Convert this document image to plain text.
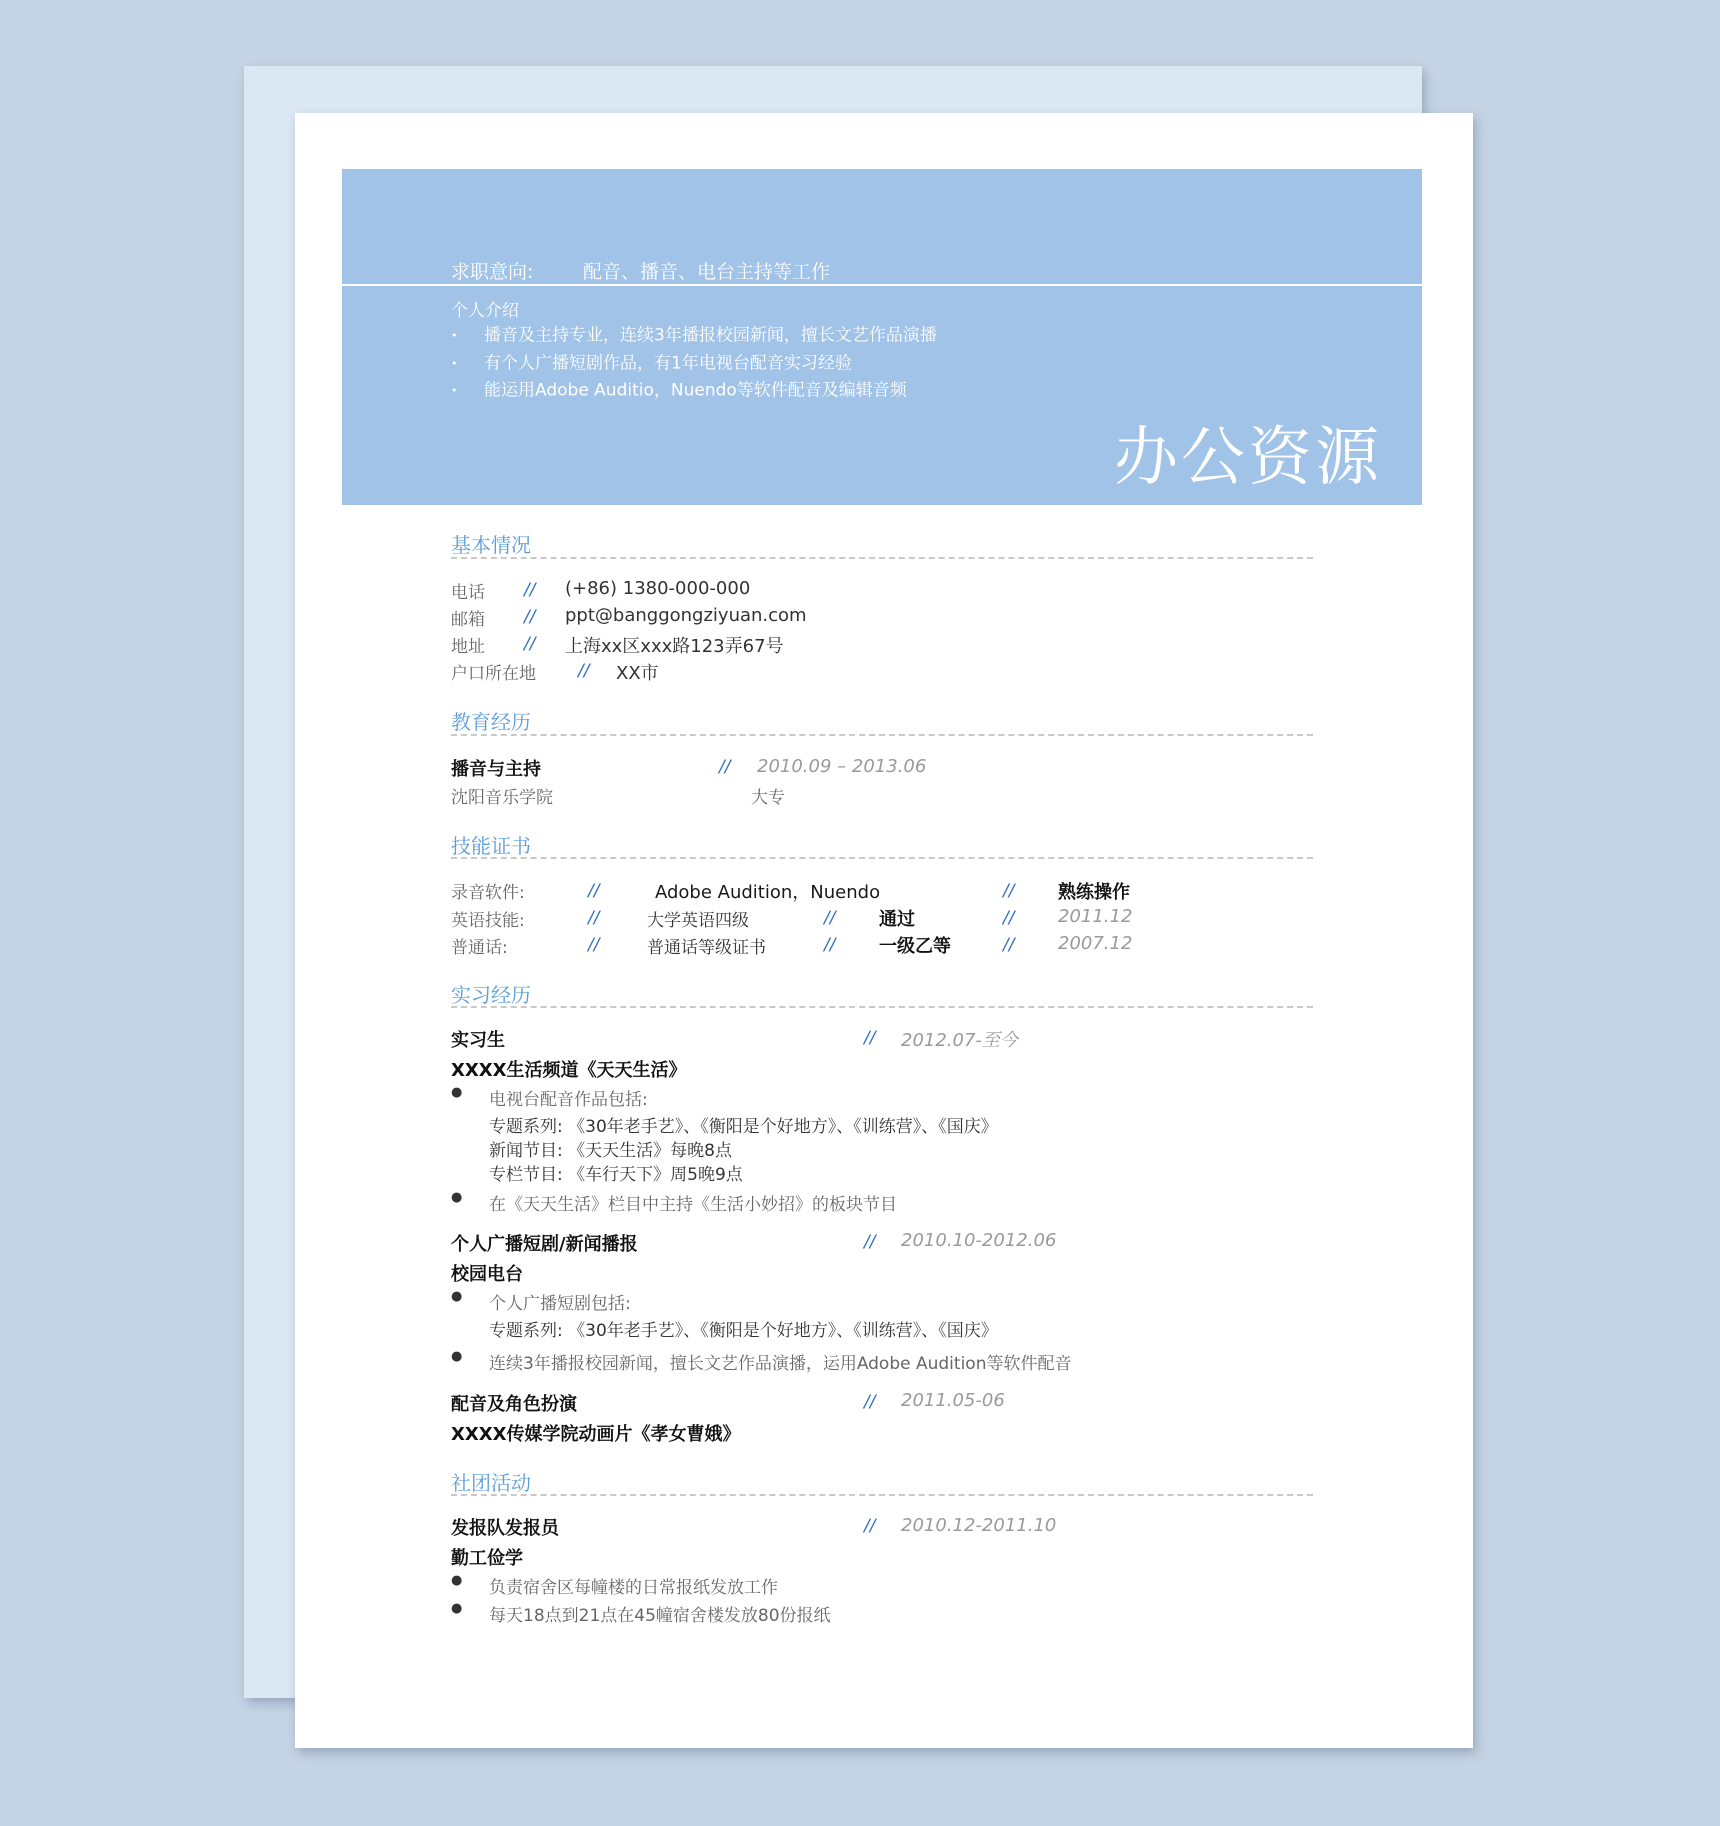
求职意向:	配音、播音、电台主持等工作
个人介绍
• 播音及主持专业，连续3年播报校园新闻，擅长文艺作品演播
• 有个人广播短剧作品，有1年电视台配音实习经验
• 能运用Adobe Auditio，Nuendo等软件配音及编辑音频
办公资源
基本情况
电话 // (+86) 1380-000-000
邮箱 // ppt@banggongziyuan.com
地址 // 上海xx区xxx路123弄67号
户口所在地 // XX市
教育经历
播音与主持	// 2010.09 – 2013.06
沈阳音乐学院	大专
技能证书
录音软件:	//	Adobe Audition，Nuendo	// 熟练操作
英语技能:	//	大学英语四级	// 通过	// 2011.12
普通话:	//	普通话等级证书	// 一级乙等	// 2007.12
实习经历
实习生	// 2012.07-至今
XXXX生活频道《天天生活》
● 电视台配音作品包括:
专题系列: 《30年老手艺》、《衡阳是个好地方》、《训练营》、《国庆》
新闻节目: 《天天生活》每晚8点
专栏节目: 《车行天下》周5晚9点
● 在《天天生活》栏目中主持《生活小妙招》的板块节目
个人广播短剧/新闻播报	// 2010.10-2012.06
校园电台
● 个人广播短剧包括:
专题系列: 《30年老手艺》、《衡阳是个好地方》、《训练营》、《国庆》
● 连续3年播报校园新闻，擅长文艺作品演播，运用Adobe Audition等软件配音
配音及角色扮演	// 2011.05-06
XXXX传媒学院动画片《孝女曹娥》
社团活动
发报队发报员	// 2010.12-2011.10
勤工俭学
● 负责宿舍区每幢楼的日常报纸发放工作
● 每天18点到21点在45幢宿舍楼发放80份报纸
